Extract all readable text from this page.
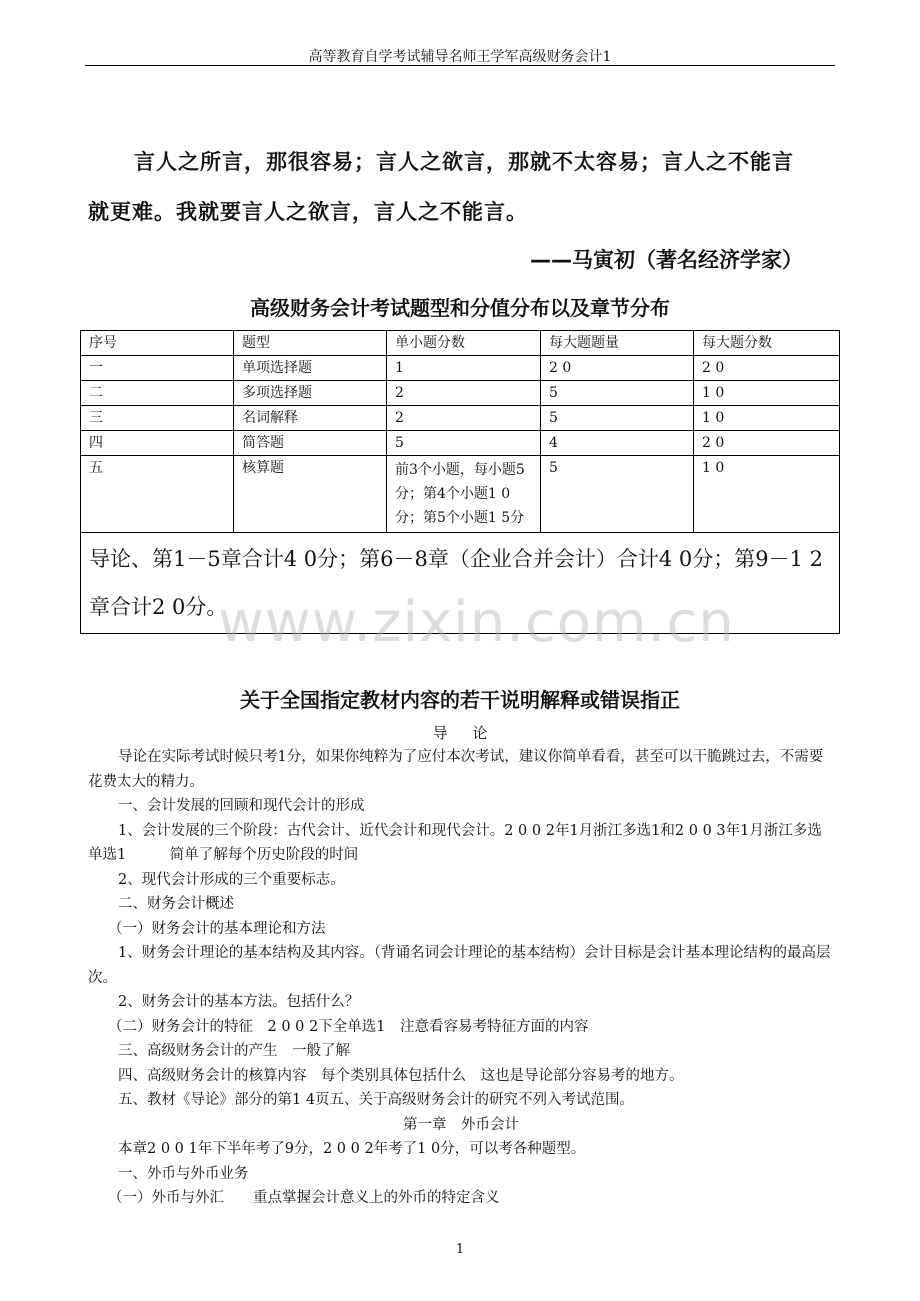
高等教育自学考试辅导名师王学军高级财务会计1
言人之所言，那很容易；言人之欲言，那就不太容易；言人之不能言
就更难。我就要言人之欲言，言人之不能言。
——马寅初（著名经济学家）
高级财务会计考试题型和分值分布以及章节分布
序号	题型	单小题分数	每大题题量	每大题分数
一	单项选择题	1	2 0	2 0
二	多项选择题	2	5	1 0
三	名词解释	2	5	1 0
四	简答题	5	4	2 0
五	核算题	前3个小题，每小题5分；第4个小题1 0分；第5个小题1 5分	5	1 0
导论、第1－5章合计4 0分；第6－8章（企业合并会计）合计4 0分；第9－1 2章合计2 0分。				
www.zixin.com.cn
关于全国指定教材内容的若干说明解释或错误指正
导 论

导论在实际考试时候只考1分，如果你纯粹为了应付本次考试，建议你简单看看，甚至可以干脆跳过去，不需要花费太大的精力。

一、会计发展的回顾和现代会计的形成

1、会计发展的三个阶段：古代会计、近代会计和现代会计。2 0 0 2年1月浙江多选1和2 0 0 3年1月浙江多选单选1　　　简单了解每个历史阶段的时间

2、现代会计形成的三个重要标志。

二、财务会计概述

（一）财务会计的基本理论和方法

1、财务会计理论的基本结构及其内容。（背诵名词会计理论的基本结构）会计目标是会计基本理论结构的最高层次。

2、财务会计的基本方法。包括什么？

（二）财务会计的特征　2 0 0 2下全单选1　注意看容易考特征方面的内容

三、高级财务会计的产生　一般了解

四、高级财务会计的核算内容　每个类别具体包括什么　这也是导论部分容易考的地方。

五、教材《导论》部分的第1 4页五、关于高级财务会计的研究不列入考试范围。

第一章　外币会计

本章2 0 0 1年下半年考了9分，2 0 0 2年考了1 0分，可以考各种题型。

一、外币与外币业务

（一）外币与外汇　　重点掌握会计意义上的外币的特定含义

1
